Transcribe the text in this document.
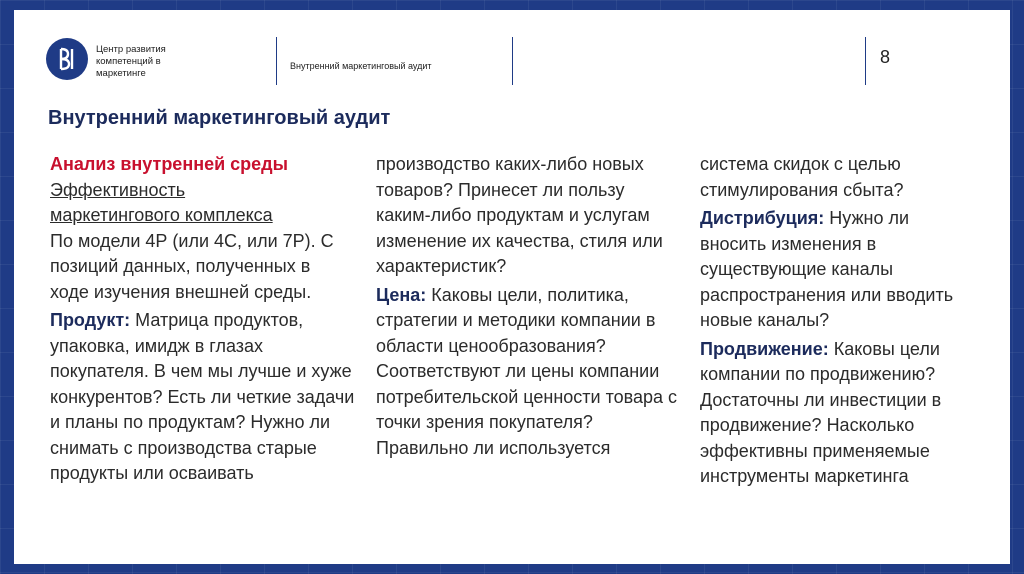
Центр развития
компетенций в
маркетинге
Внутренний маркетинговый аудит	8
Внутренний маркетинговый аудит
Анализ внутренней среды
Эффективность
маркетингового комплекса

По модели 4Р (или 4С, или 7Р). С позиций данных, полученных в ходе изучения внешней среды.

Продукт: Матрица продуктов, упаковка, имидж в глазах покупателя. В чем мы лучше и хуже конкурентов? Есть ли четкие задачи и планы по продуктам? Нужно ли снимать с производства старые продукты или осваивать

производство каких-либо новых товаров? Принесет ли пользу каким-либо продуктам и услугам изменение их качества, стиля или характеристик?

Цена: Каковы цели, политика, стратегии и методики компании в области ценообразования? Соответствуют ли цены компании потребительской ценности товара с точки зрения покупателя? Правильно ли используется

система скидок с целью стимулирования сбыта?

Дистрибуция: Нужно ли вносить изменения в существующие каналы распространения или вводить новые каналы?

Продвижение: Каковы цели компании по продвижению? Достаточны ли инвестиции в продвижение? Насколько эффективны применяемые инструменты маркетинга
